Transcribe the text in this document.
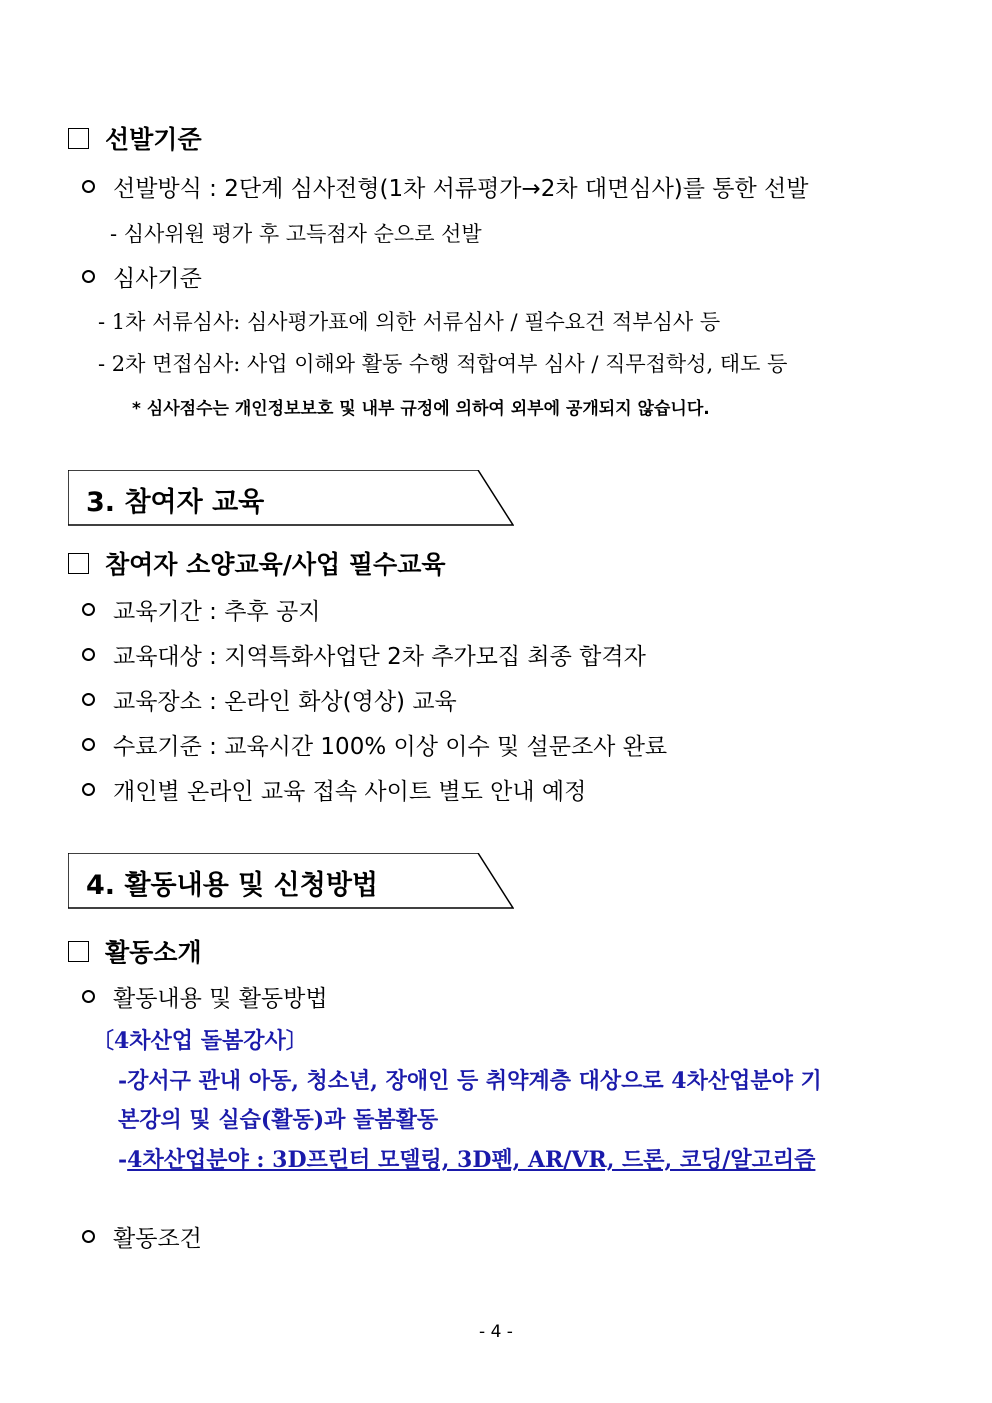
선발기준
선발방식 : 2단계 심사전형(1차 서류평가→2차 대면심사)를 통한 선발
- 심사위원 평가 후 고득점자 순으로 선발
심사기준
- 1차 서류심사: 심사평가표에 의한 서류심사 / 필수요건 적부심사 등
- 2차 면접심사: 사업 이해와 활동 수행 적합여부 심사 / 직무접학성, 태도 등
* 심사점수는 개인정보보호 및 내부 규정에 의하여 외부에 공개되지 않습니다.
3. 참여자 교육
참여자 소양교육/사업 필수교육
교육기간 : 추후 공지
교육대상 : 지역특화사업단 2차 추가모집 최종 합격자
교육장소 : 온라인 화상(영상) 교육
수료기준 : 교육시간 100% 이상 이수 및 설문조사 완료
개인별 온라인 교육 접속 사이트 별도 안내 예정
4. 활동내용 및 신청방법
활동소개
활동내용 및 활동방법
〔4차산업 돌봄강사〕
-강서구 관내 아동, 청소년, 장애인 등 취약계층 대상으로 4차산업분야 기
본강의 및 실습(활동)과 돌봄활동
-4차산업분야 : 3D프린터 모델링, 3D펜, AR/VR, 드론, 코딩/알고리즘
활동조건
- 4 -
